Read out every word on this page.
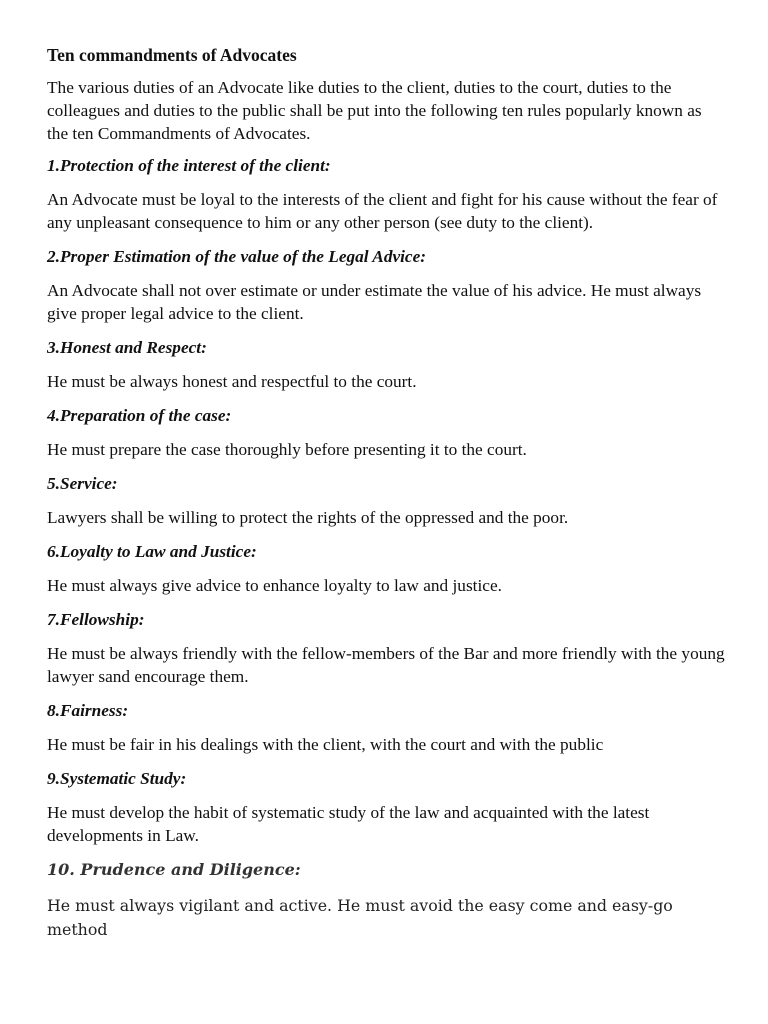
Ten commandments of Advocates
The various duties of an Advocate like duties to the client, duties to the court, duties to the colleagues and duties to the public shall be put into the following ten rules popularly known as the ten Commandments of Advocates.
1.Protection of the interest of the client:
An Advocate must be loyal to the interests of the client and fight for his cause without the fear of any unpleasant consequence to him or any other person (see duty to the client).
2.Proper Estimation of the value of the Legal Advice:
An Advocate shall not over estimate or under estimate the value of his advice. He must always give proper legal advice to the client.
3.Honest and Respect:
He must be always honest and respectful to the court.
4.Preparation of the case:
He must prepare the case thoroughly before presenting it to the court.
5.Service:
Lawyers shall be willing to protect the rights of the oppressed and the poor.
6.Loyalty to Law and Justice:
He must always give advice to enhance loyalty to law and justice.
7.Fellowship:
He must be always friendly with the fellow-members of the Bar and more friendly with the young lawyer sand encourage them.
8.Fairness:
He must be fair in his dealings with the client, with the court and with the public
9.Systematic Study:
He must develop the habit of systematic study of the law and acquainted with the latest developments in Law.
10. Prudence and Diligence:
He must always vigilant and active. He must avoid the easy come and easy-go method
